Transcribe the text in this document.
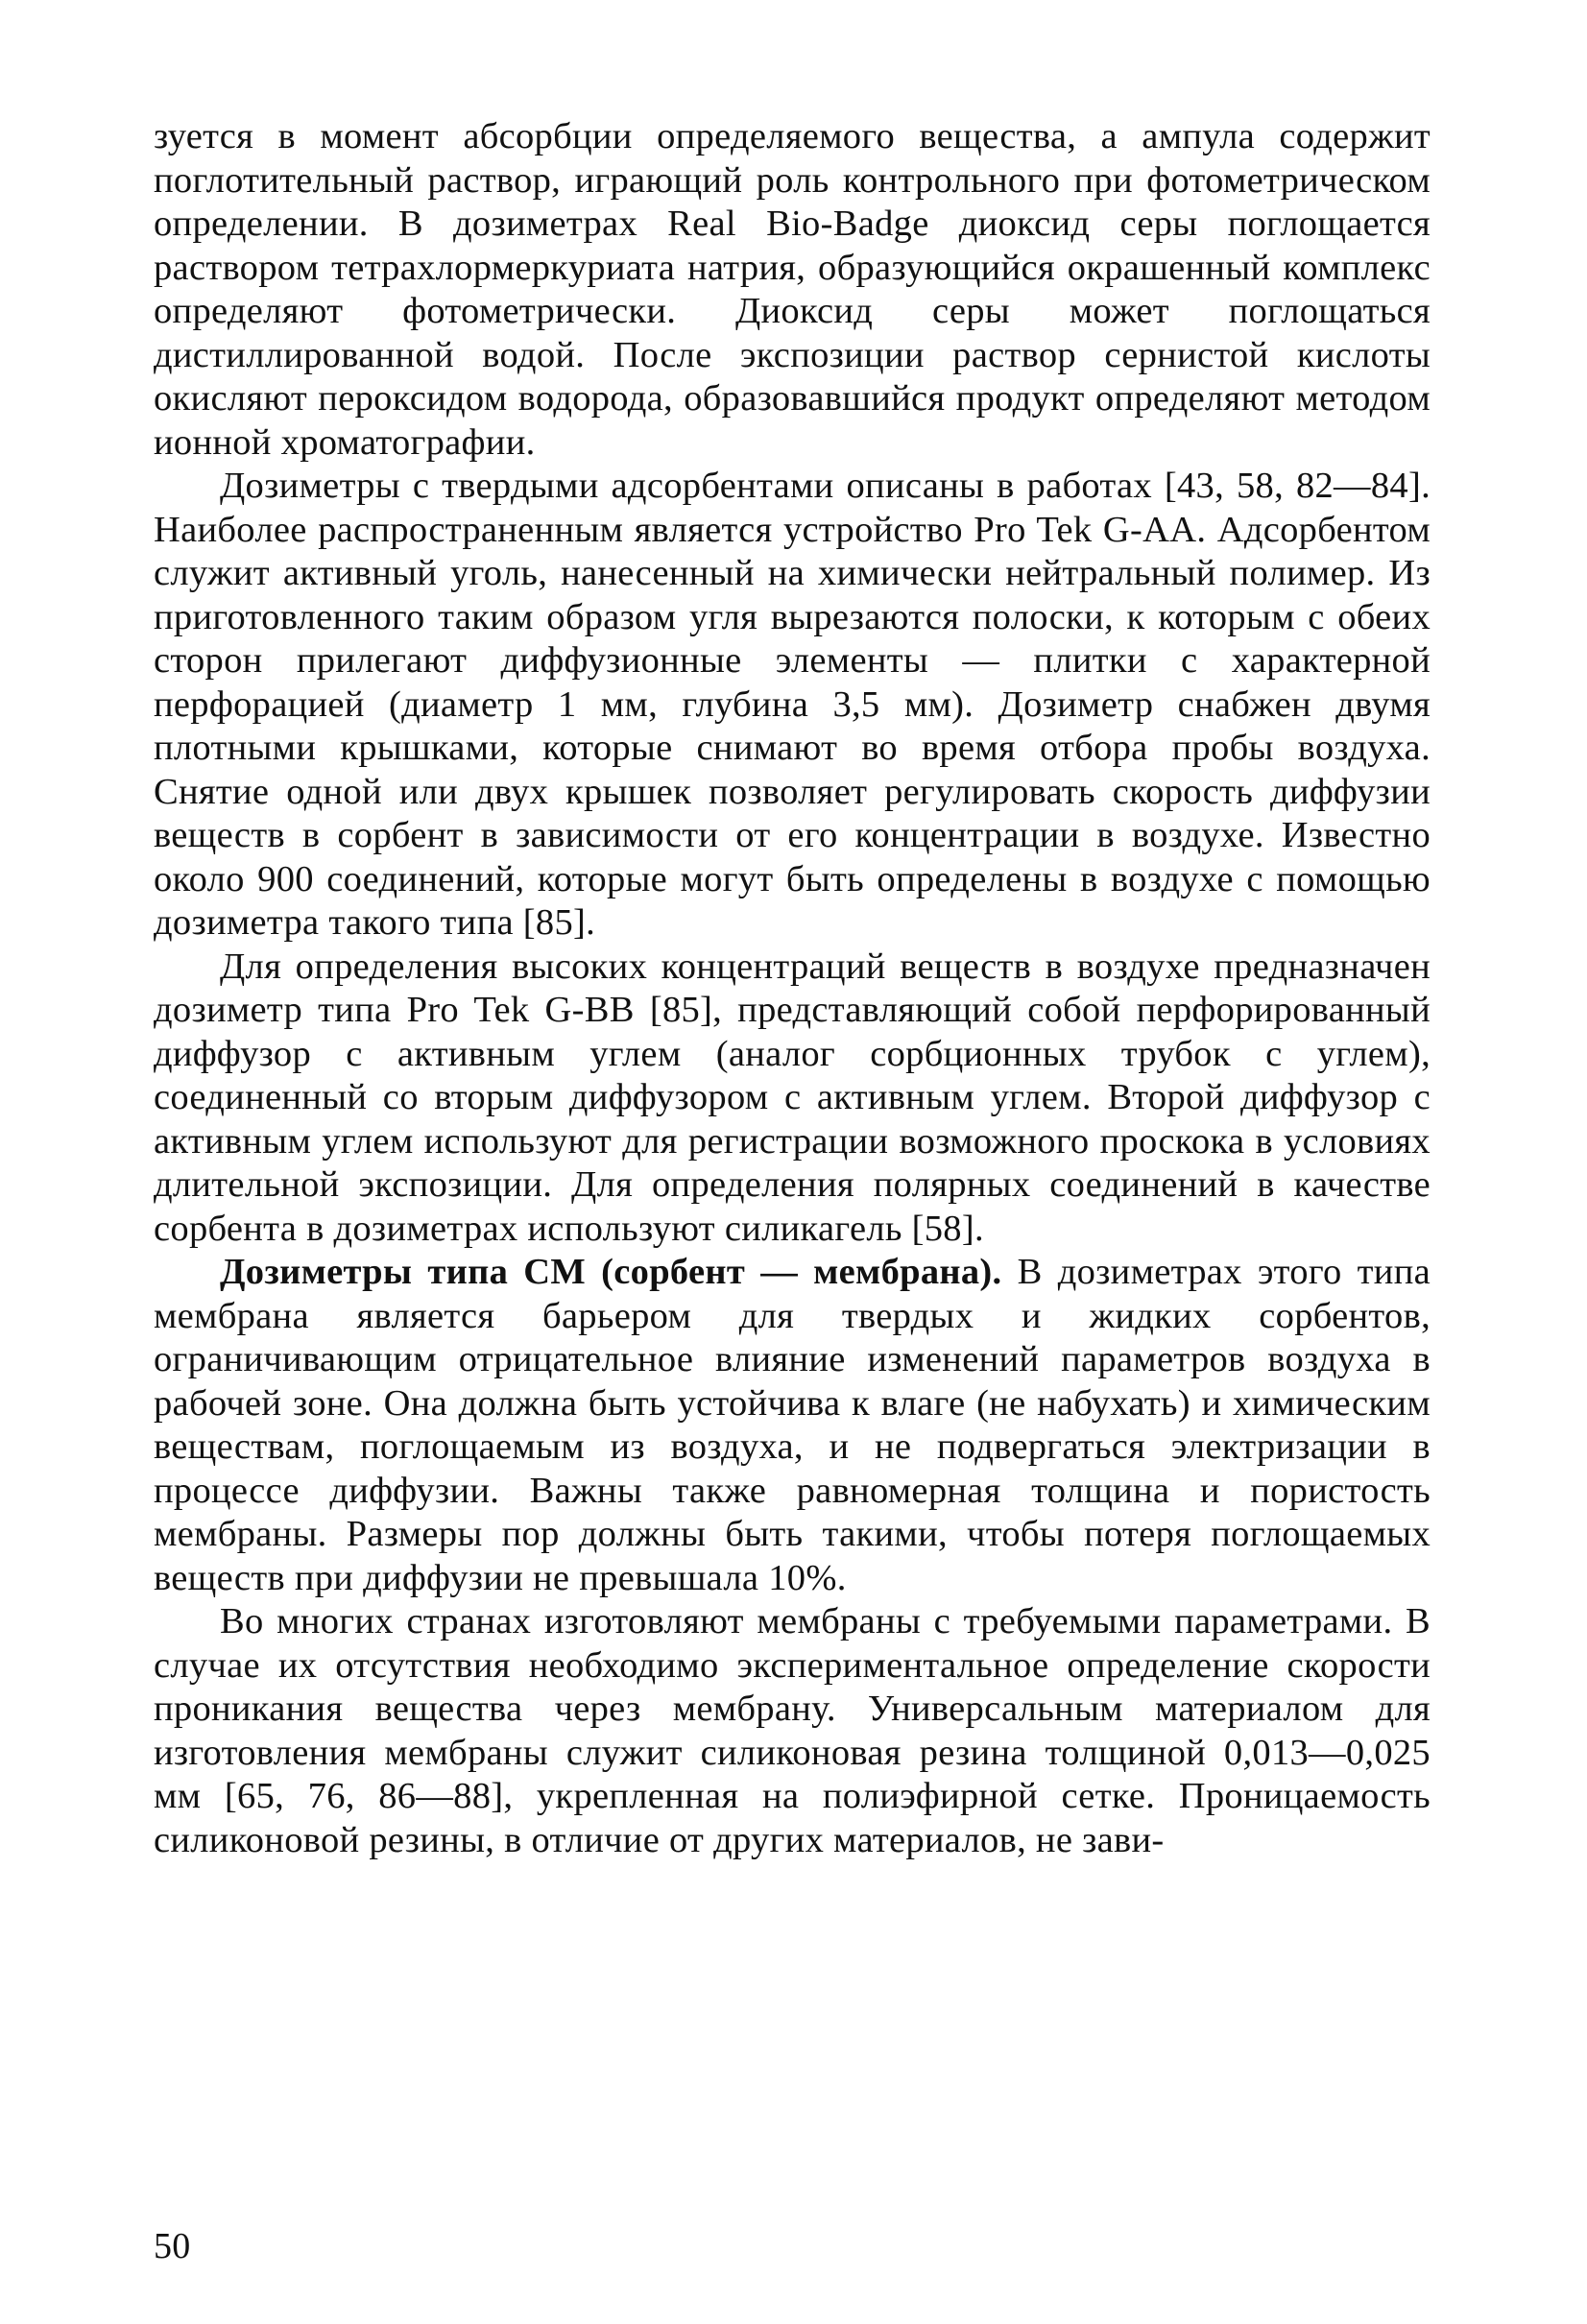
зуется в момент абсорбции определяемого вещества, а ампула содержит поглотительный раствор, играющий роль контрольного при фотометрическом определении. В дозиметрах Real Bio-Badge диоксид серы поглощается раствором тетрахлормеркуриата натрия, образующийся окрашенный комплекс определяют фотометрически. Диоксид серы может поглощаться дистиллированной водой. После экспозиции раствор сернистой кислоты окисляют пероксидом водорода, образовавшийся продукт определяют методом ионной хроматографии.

Дозиметры с твердыми адсорбентами описаны в работах [43, 58, 82—84]. Наиболее распространенным является устройство Pro Tek G-AA. Адсорбентом служит активный уголь, нанесенный на химически нейтральный полимер. Из приготовленного таким образом угля вырезаются полоски, к которым с обеих сторон прилегают диффузионные элементы — плитки с характерной перфорацией (диаметр 1 мм, глубина 3,5 мм). Дозиметр снабжен двумя плотными крышками, которые снимают во время отбора пробы воздуха. Снятие одной или двух крышек позволяет регулировать скорость диффузии веществ в сорбент в зависимости от его концентрации в воздухе. Известно около 900 соединений, которые могут быть определены в воздухе с помощью дозиметра такого типа [85].

Для определения высоких концентраций веществ в воздухе предназначен дозиметр типа Pro Tek G-BB [85], представляющий собой перфорированный диффузор с активным углем (аналог сорбционных трубок с углем), соединенный со вторым диффузором с активным углем. Второй диффузор с активным углем используют для регистрации возможного проскока в условиях длительной экспозиции. Для определения полярных соединений в качестве сорбента в дозиметрах используют силикагель [58].

Дозиметры типа СМ (сорбент — мембрана). В дозиметрах этого типа мембрана является барьером для твердых и жидких сорбентов, ограничивающим отрицательное влияние изменений параметров воздуха в рабочей зоне. Она должна быть устойчива к влаге (не набухать) и химическим веществам, поглощаемым из воздуха, и не подвергаться электризации в процессе диффузии. Важны также равномерная толщина и пористость мембраны. Размеры пор должны быть такими, чтобы потеря поглощаемых веществ при диффузии не превышала 10%.

Во многих странах изготовляют мембраны с требуемыми параметрами. В случае их отсутствия необходимо экспериментальное определение скорости проникания вещества через мембрану. Универсальным материалом для изготовления мембраны служит силиконовая резина толщиной 0,013—0,025 мм [65, 76, 86—88], укрепленная на полиэфирной сетке. Проницаемость силиконовой резины, в отличие от других материалов, не зави-

50
